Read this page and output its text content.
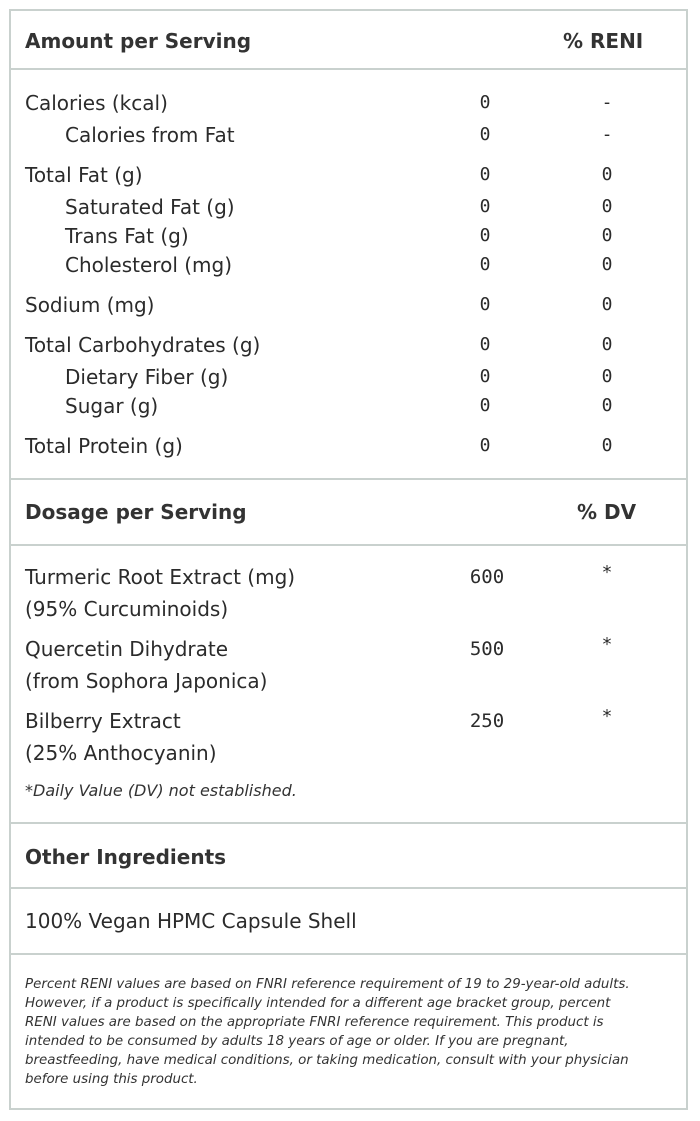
Amount per Serving	% RENI
Calories (kcal)	0	-
Calories from Fat	0	-
Total Fat (g)	0	0
Saturated Fat (g)	0	0
Trans Fat (g)	0	0
Cholesterol (mg)	0	0
Sodium (mg)	0	0
Total Carbohydrates (g)	0	0
Dietary Fiber (g)	0	0
Sugar (g)	0	0
Total Protein (g)	0	0
Dosage per Serving	% DV
Turmeric Root Extract (mg)
(95% Curcuminoids)
600	*
Quercetin Dihydrate
(from Sophora Japonica)
500	*
Bilberry Extract
(25% Anthocyanin)
250	*
*Daily Value (DV) not established.
Other Ingredients
100% Vegan HPMC Capsule Shell
Percent RENI values are based on FNRI reference requirement of 19 to 29-year-old adults. However, if a product is specifically intended for a different age bracket group, percent RENI values are based on the appropriate FNRI reference requirement. This product is intended to be consumed by adults 18 years of age or older. If you are pregnant, breastfeeding, have medical conditions, or taking medication, consult with your physician before using this product.
